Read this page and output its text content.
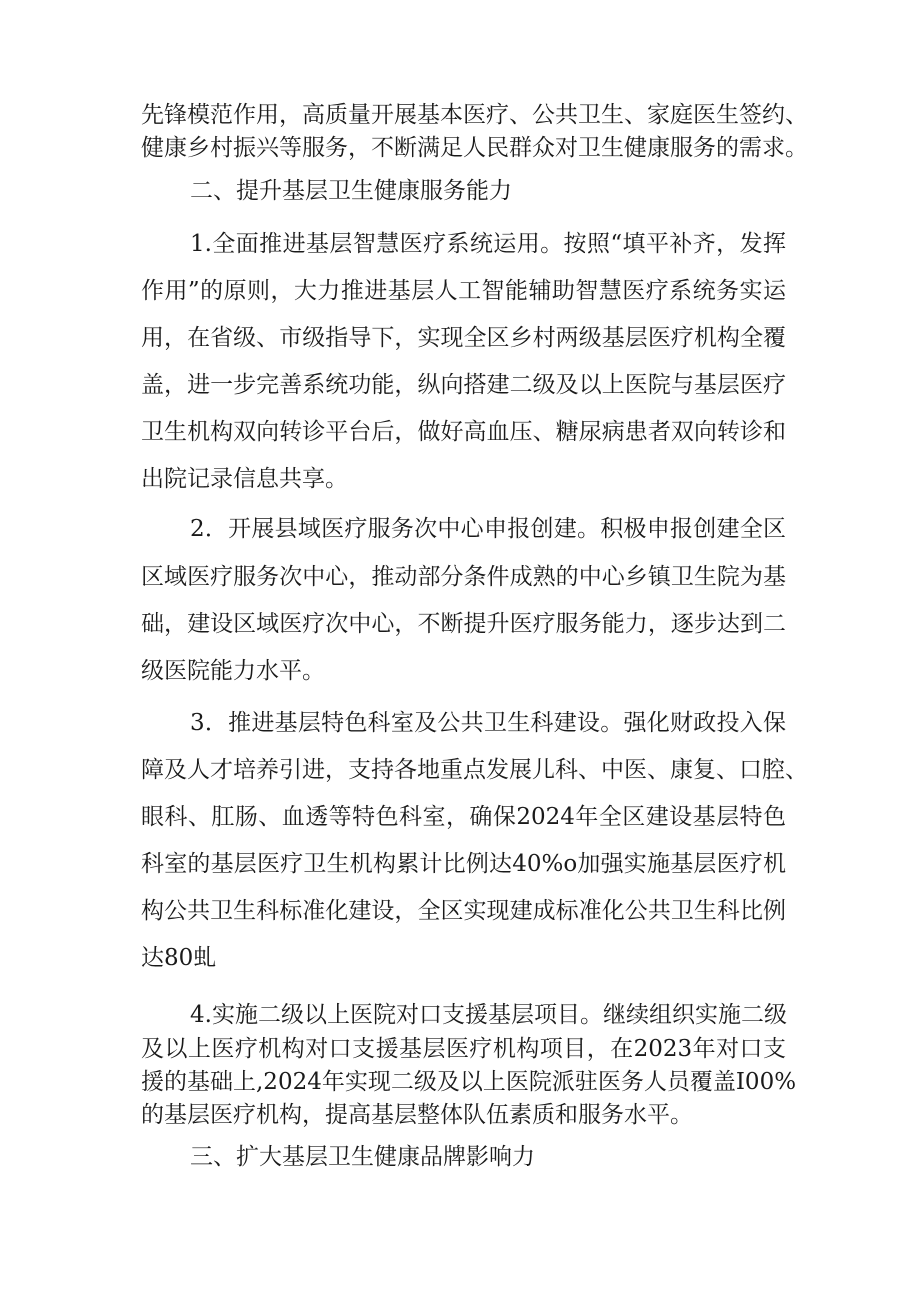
先锋模范作用，高质量开展基本医疗、公共卫生、家庭医生签约、
健康乡村振兴等服务，不断满足人民群众对卫生健康服务的需求。
二、提升基层卫生健康服务能力
1.全面推进基层智慧医疗系统运用。按照“填平补齐，发挥
作用”的原则，大力推进基层人工智能辅助智慧医疗系统务实运
用，在省级、市级指导下，实现全区乡村两级基层医疗机构全覆
盖，进一步完善系统功能，纵向搭建二级及以上医院与基层医疗
卫生机构双向转诊平台后，做好高血压、糖尿病患者双向转诊和
出院记录信息共享。
2．开展县域医疗服务次中心申报创建。积极申报创建全区
区域医疗服务次中心，推动部分条件成熟的中心乡镇卫生院为基
础，建设区域医疗次中心，不断提升医疗服务能力，逐步达到二
级医院能力水平。
3．推进基层特色科室及公共卫生科建设。强化财政投入保
障及人才培养引进，支持各地重点发展儿科、中医、康复、口腔、
眼科、肛肠、血透等特色科室，确保2024年全区建设基层特色
科室的基层医疗卫生机构累计比例达40%o加强实施基层医疗机
构公共卫生科标准化建设，全区实现建成标准化公共卫生科比例
达80虬
4.实施二级以上医院对口支援基层项目。继续组织实施二级
及以上医疗机构对口支援基层医疗机构项目，在2023年对口支
援的基础上,2024年实现二级及以上医院派驻医务人员覆盖I00%
的基层医疗机构，提高基层整体队伍素质和服务水平。
三、扩大基层卫生健康品牌影响力
